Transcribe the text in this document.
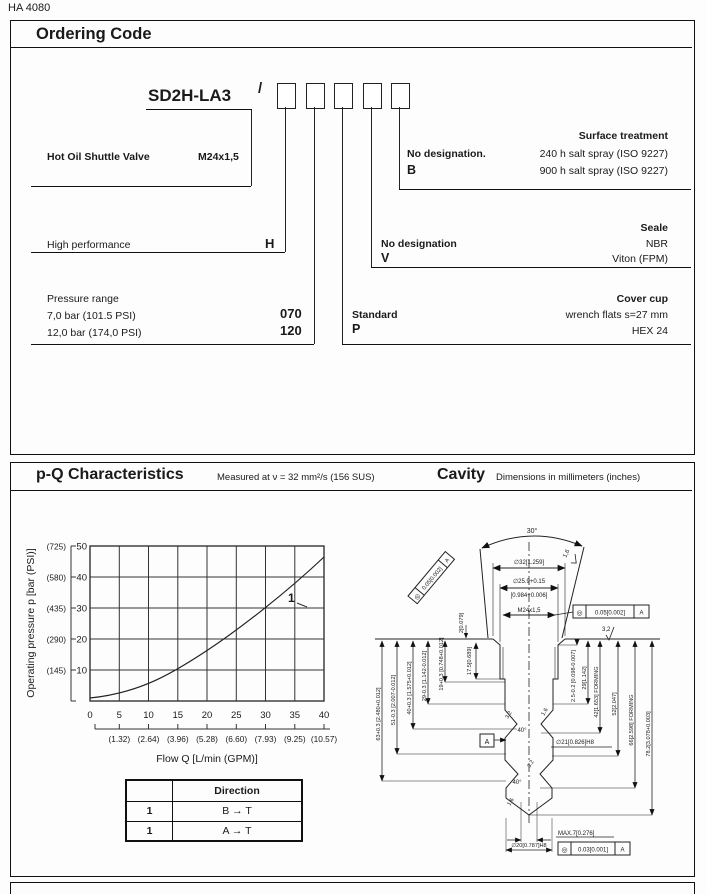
HA 4080
Ordering Code
SD2H-LA3 /
Hot Oil Shuttle Valve	M24x1,5
High performance	H
Pressure range
7,0 bar (101.5 PSI)	070
12,0 bar (174,0 PSI)	120
Surface treatment
No designation.	240 h salt spray (ISO 9227)
B	900 h salt spray (ISO 9227)
Seale
No designation	NBR
V	Viton (FPM)
Cover cup
Standard	wrench flats s=27 mm
P	HEX 24
p-Q Characteristics	Measured at ν = 32 mm²/s (156 SUS)	Cavity Dimensions in millimeters (inches)
1
50
40
30
20
10
(725)
(580)
(435)
(290)
(145)
0	5 10 15 20 25 30 35 40
(1.32) (2.64) (3.96) (5.28) (6.60) (7.93) (9.25) (10.57)
Flow Q [L/min (GPM)]
Operating pressure p [bar (PSI)]
30°
∅32[1.259]
∅25.9+0.15
[0.984+0.006]
M24x1,5	◎ 0.05[0.002] A
◎
0.05[0.002]
A
1,6
3,2
63+0.3 [2.480+0.012] 51-0.3 [2.007-0.012] 40+0.3 [1.575+0.012] 29-0.3 [1.142-0.012] 19+0.3 [0.748+0.012]
2[0.079]
17.5[0.689]	2.5-0.2 [0.098-0.007] 29[1.142] 42[1.653] FORMING 52[2.047] 66[2.598] FORMING 78.2[3.078+0.003]
∅21[0.826]H8
A
40°
40°
3.2	1.6
3.2
1,6
MAX.7[0.276]
∅20[0.787]H8
◎ 0.03[0.001] A
	Direction
1	B → T
1	A → T
